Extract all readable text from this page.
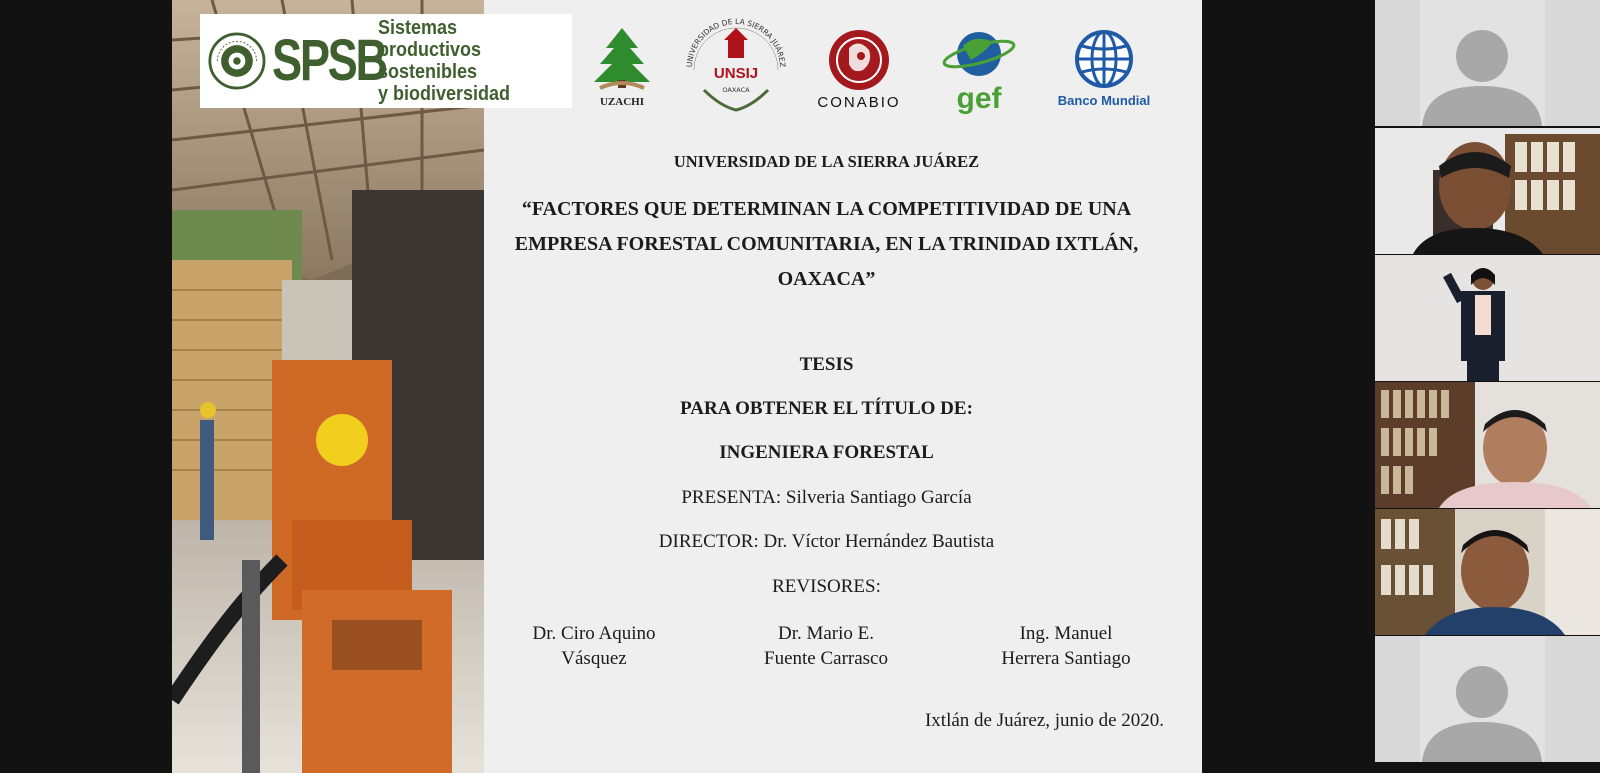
SPSB
Sistemas productivos
sostenibles
y biodiversidad	UZACHI
UNIVERSIDAD DE LA SIERRA JUÁREZ
UNSIJ
OAXACA
CONABIO gef	Banco Mundial
UNIVERSIDAD DE LA SIERRA JUÁREZ
“FACTORES QUE DETERMINAN LA COMPETITIVIDAD DE UNA
EMPRESA FORESTAL COMUNITARIA, EN LA TRINIDAD IXTLÁN,
OAXACA”
TESIS
PARA OBTENER EL TÍTULO DE:
INGENIERA FORESTAL
PRESENTA: Silveria Santiago García
DIRECTOR: Dr. Víctor Hernández Bautista
REVISORES:
Dr. Ciro Aquino
Vásquez
Dr. Mario E.
Fuente Carrasco
Ing. Manuel
Herrera Santiago
Ixtlán de Juárez, junio de 2020.
